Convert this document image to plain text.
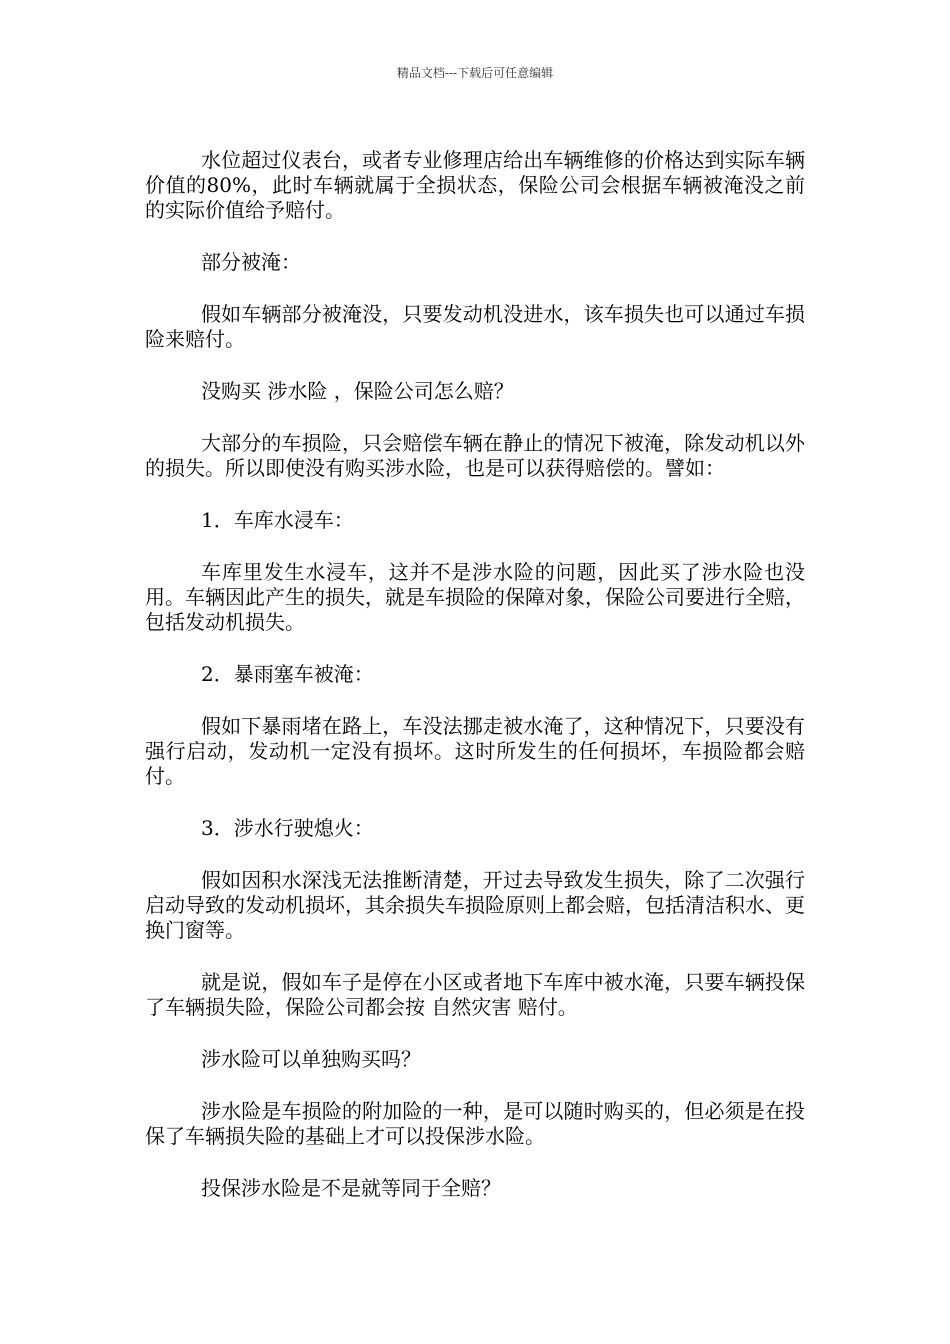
精品文档---下载后可任意编辑

水位超过仪表台，或者专业修理店给出车辆维修的价格达到实际车辆价值的80%，此时车辆就属于全损状态，保险公司会根据车辆被淹没之前的实际价值给予赔付。

部分被淹：

假如车辆部分被淹没，只要发动机没进水，该车损失也可以通过车损险来赔付。

没购买 涉水险 ，保险公司怎么赔？

大部分的车损险，只会赔偿车辆在静止的情况下被淹，除发动机以外的损失。所以即使没有购买涉水险，也是可以获得赔偿的。譬如：

1．车库水浸车：

车库里发生水浸车，这并不是涉水险的问题，因此买了涉水险也没用。车辆因此产生的损失，就是车损险的保障对象，保险公司要进行全赔，包括发动机损失。

2．暴雨塞车被淹：

假如下暴雨堵在路上，车没法挪走被水淹了，这种情况下，只要没有强行启动，发动机一定没有损坏。这时所发生的任何损坏，车损险都会赔付。

3．涉水行驶熄火：

假如因积水深浅无法推断清楚，开过去导致发生损失，除了二次强行启动导致的发动机损坏，其余损失车损险原则上都会赔，包括清洁积水、更换门窗等。

就是说，假如车子是停在小区或者地下车库中被水淹，只要车辆投保了车辆损失险，保险公司都会按 自然灾害 赔付。

涉水险可以单独购买吗？

涉水险是车损险的附加险的一种，是可以随时购买的，但必须是在投保了车辆损失险的基础上才可以投保涉水险。

投保涉水险是不是就等同于全赔？
